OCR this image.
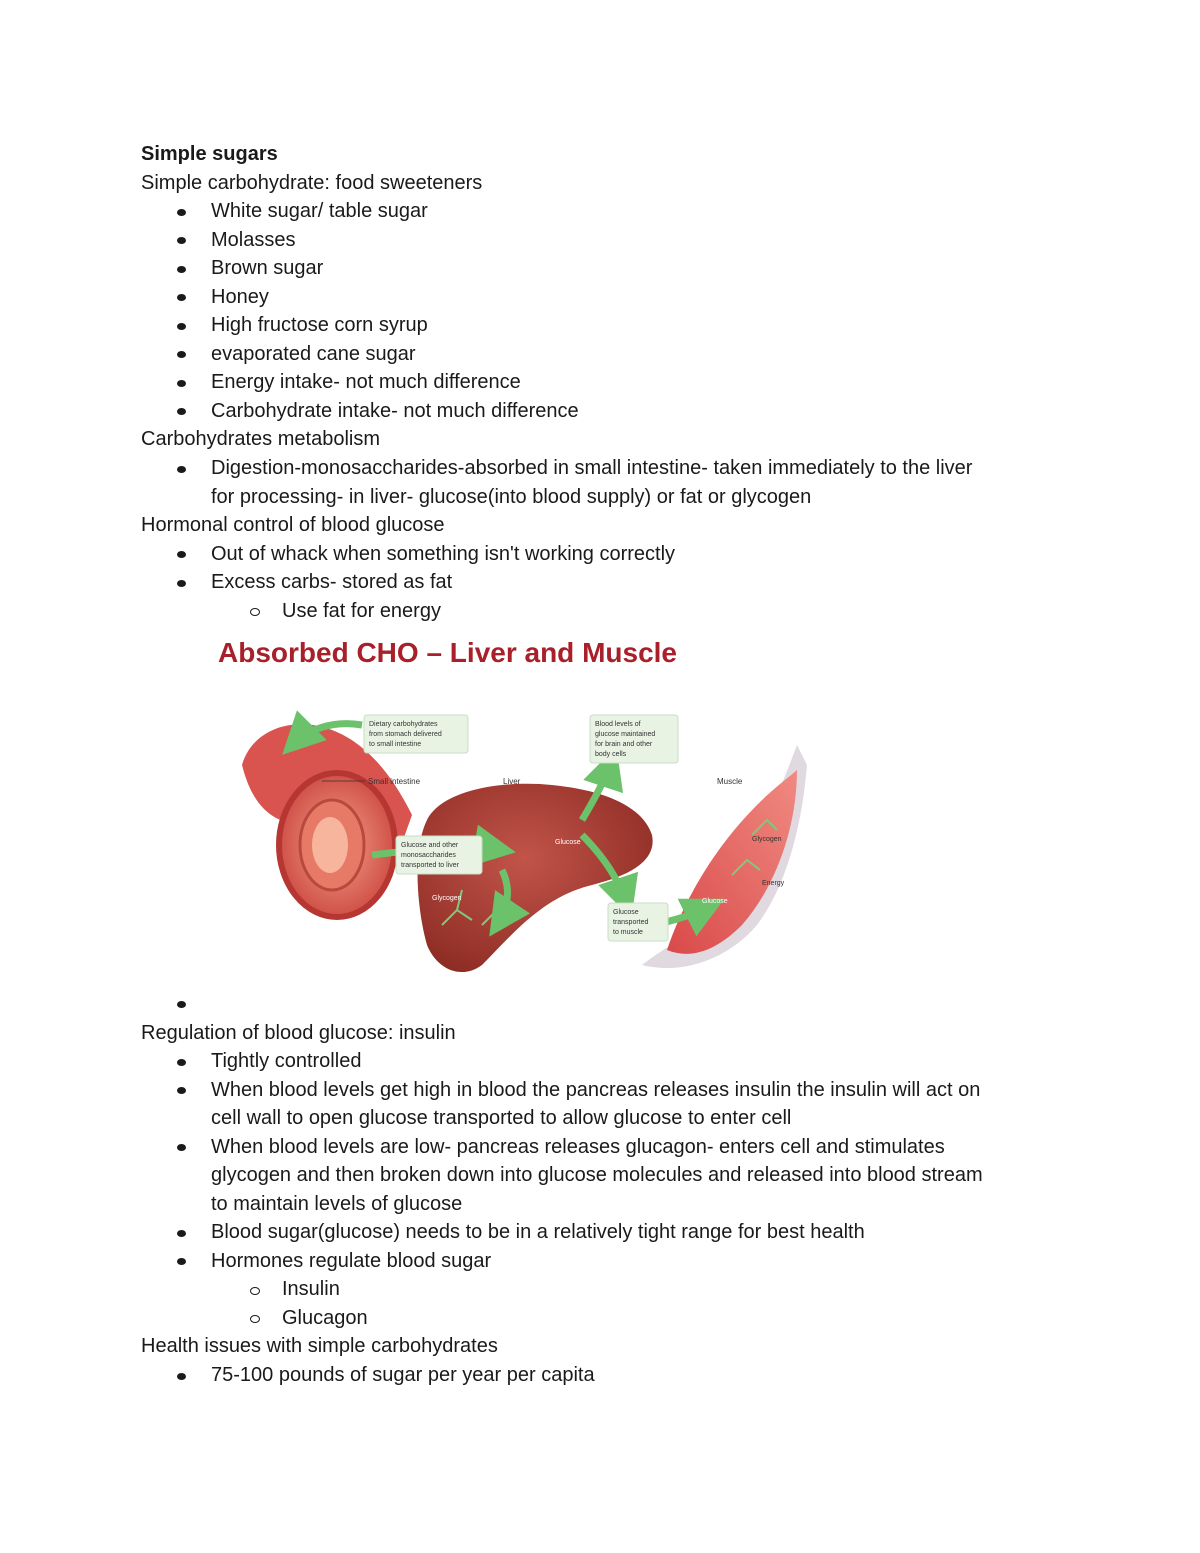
Simple sugars
Simple carbohydrate: food sweeteners
White sugar/ table sugar
Molasses
Brown sugar
Honey
High fructose corn syrup
evaporated cane sugar
Energy intake- not much difference
Carbohydrate intake- not much difference
Carbohydrates metabolism
Digestion-monosaccharides-absorbed in small intestine- taken immediately to the liver
for processing- in liver- glucose(into blood supply) or fat or glycogen
Hormonal control of blood glucose
Out of whack when something isn't working correctly
Excess carbs- stored as fat
Use fat for energy
Absorbed CHO – Liver and Muscle
Small intestine	Liver	Muscle
Glucose
Glycogen
Glycogen
Energy
Glucose
Dietary carbohydrates
from stomach delivered
to small intestine
Blood levels of
glucose maintained
for brain and other
body cells
Glucose and other
monosaccharides
transported to liver
Glucose
transported
to muscle
Regulation of blood glucose: insulin
Tightly controlled
When blood levels get high in blood the pancreas releases insulin the insulin will act on
cell wall to open glucose transported to allow glucose to enter cell
When blood levels are low- pancreas releases glucagon- enters cell and stimulates
glycogen and then broken down into glucose molecules and released into blood stream
to maintain levels of glucose
Blood sugar(glucose) needs to be in a relatively tight range for best health
Hormones regulate blood sugar
Insulin
Glucagon
Health issues with simple carbohydrates
75-100 pounds of sugar per year per capita
